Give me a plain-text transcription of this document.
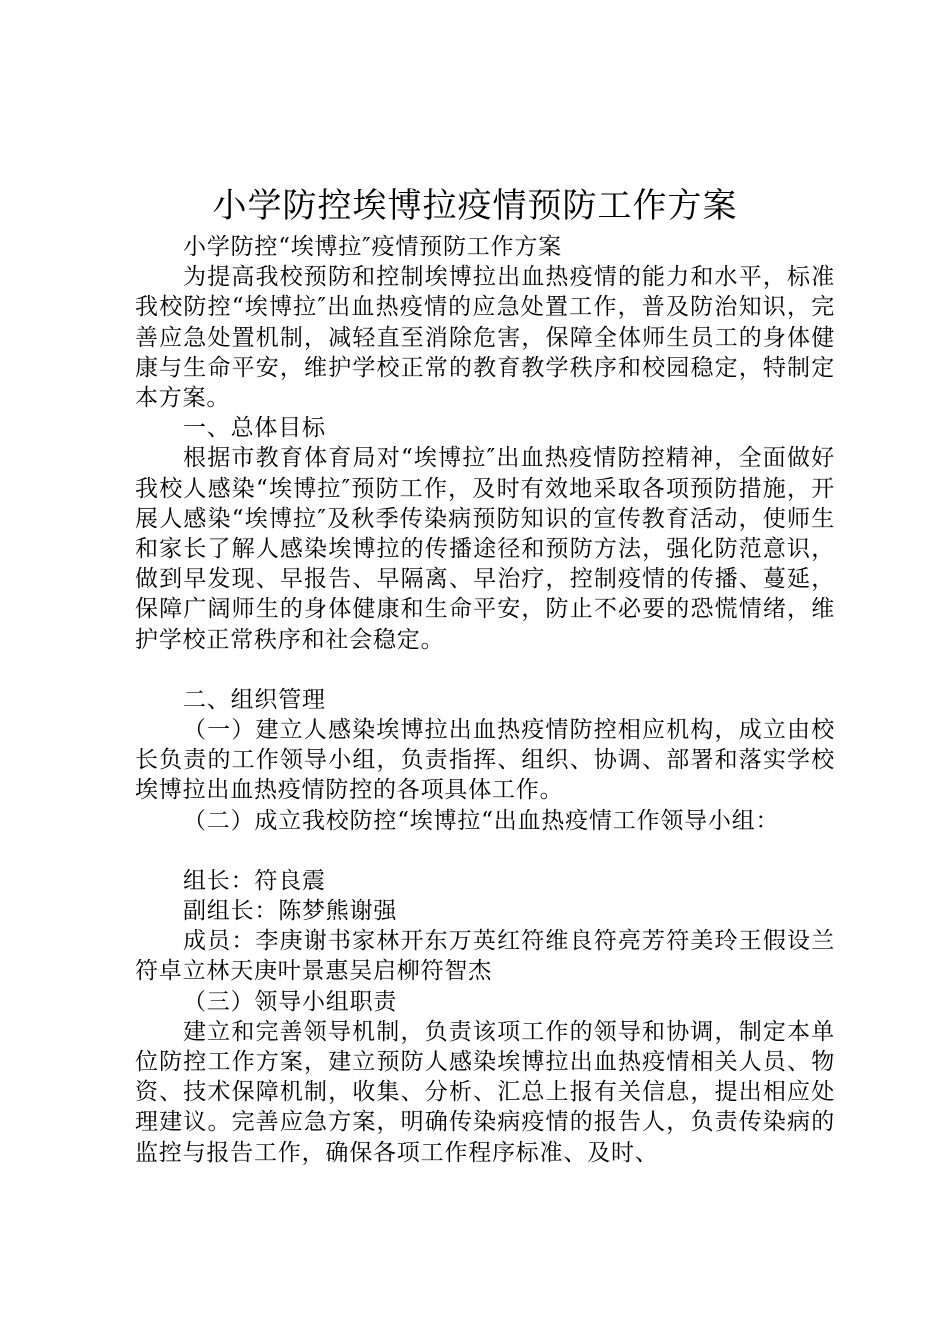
小学防控埃博拉疫情预防工作方案

小学防控“埃博拉″疫情预防工作方案

为提高我校预防和控制埃博拉出血热疫情的能力和水平，标准我校防控“埃博拉″出血热疫情的应急处置工作，普及防治知识，完善应急处置机制，减轻直至消除危害，保障全体师生员工的身体健康与生命平安，维护学校正常的教育教学秩序和校园稳定，特制定本方案。

一、总体目标

根据市教育体育局对“埃博拉″出血热疫情防控精神，全面做好我校人感染“埃博拉″预防工作，及时有效地采取各项预防措施，开展人感染“埃博拉″及秋季传染病预防知识的宣传教育活动，使师生和家长了解人感染埃博拉的传播途径和预防方法，强化防范意识，做到早发现、早报告、早隔离、早治疗，控制疫情的传播、蔓延，保障广阔师生的身体健康和生命平安，防止不必要的恐慌情绪，维护学校正常秩序和社会稳定。

二、组织管理

（一）建立人感染埃博拉出血热疫情防控相应机构，成立由校长负责的工作领导小组，负责指挥、组织、协调、部署和落实学校埃博拉出血热疫情防控的各项具体工作。

（二）成立我校防控“埃博拉“出血热疫情工作领导小组：

组长：符良震

副组长：陈梦熊谢强

成员：李庚谢书家林开东万英红符维良符亮芳符美玲王假设兰符卓立林天庚叶景惠吴启柳符智杰

（三）领导小组职责

建立和完善领导机制，负责该项工作的领导和协调，制定本单位防控工作方案，建立预防人感染埃博拉出血热疫情相关人员、物资、技术保障机制，收集、分析、汇总上报有关信息，提出相应处理建议。完善应急方案，明确传染病疫情的报告人，负责传染病的监控与报告工作，确保各项工作程序标准、及时、
